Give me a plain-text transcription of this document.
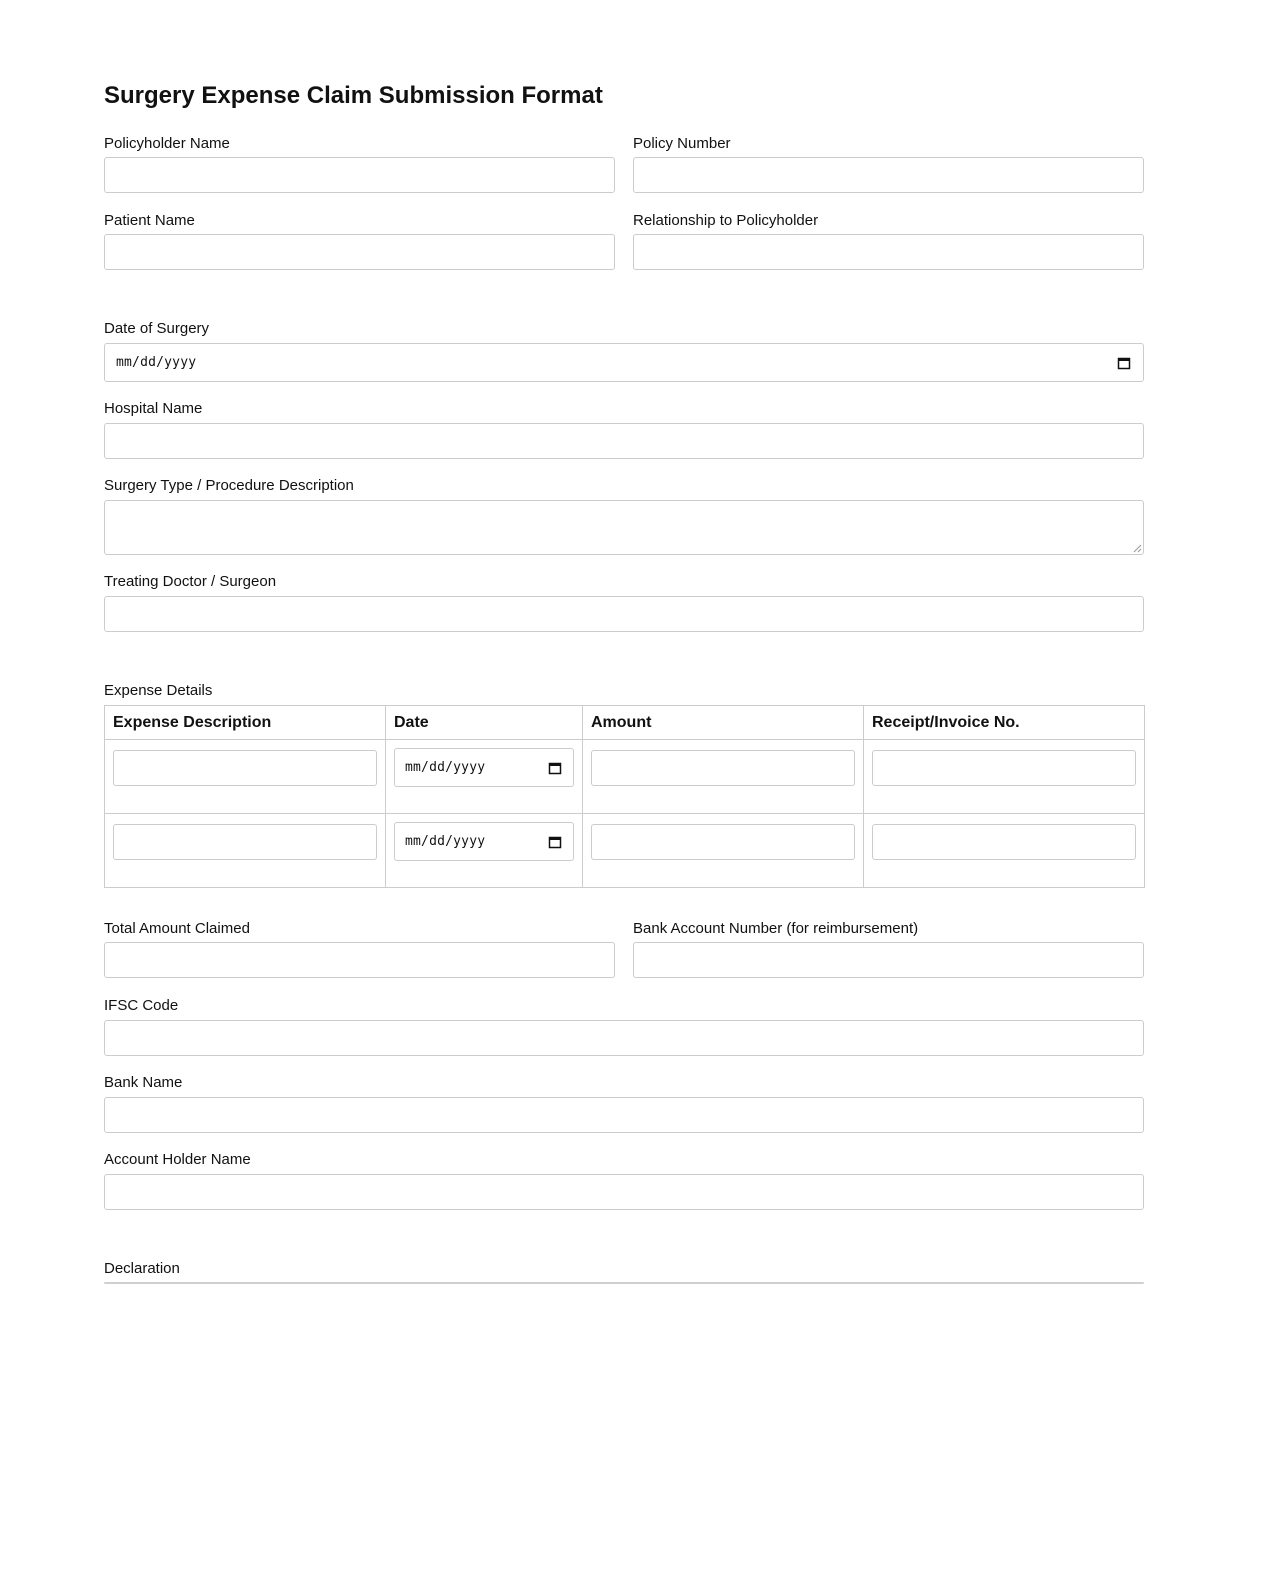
Surgery Expense Claim Submission Format
Policyholder Name	Policy Number
Patient Name	Relationship to Policyholder
Date of Surgery
mm/dd/yyyy
Hospital Name
Surgery Type / Procedure Description
Treating Doctor / Surgeon
Expense Details
Expense Description	Date	Amount	Receipt/Invoice No.

	mm/dd/yyyy		

	mm/dd/yyyy		

Total Amount Claimed	Bank Account Number (for reimbursement)
IFSC Code
Bank Name
Account Holder Name
Declaration
